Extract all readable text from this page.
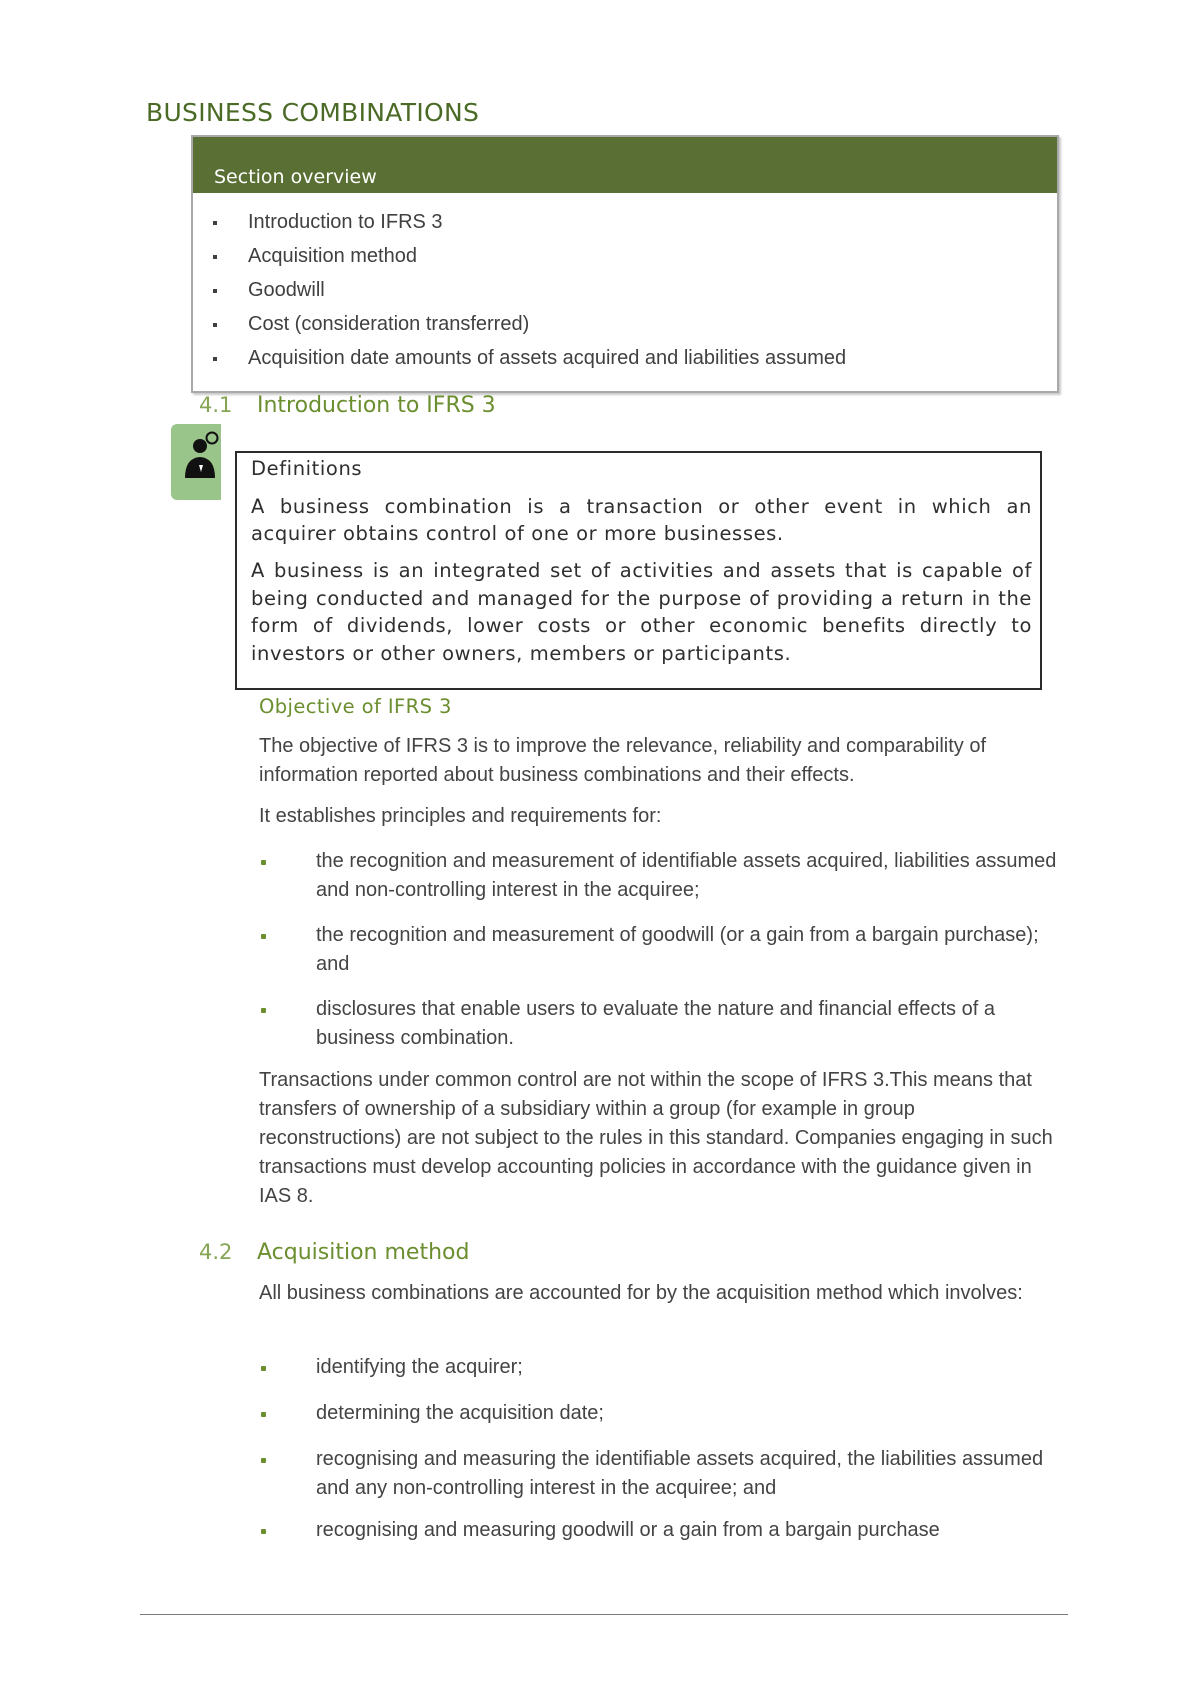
BUSINESS COMBINATIONS
Section overview
Introduction to IFRS 3
Acquisition method
Goodwill
Cost (consideration transferred)
Acquisition date amounts of assets acquired and liabilities assumed
4.1 Introduction to IFRS 3
Definitions

A business combination is a transaction or other event in which an acquirer obtains control of one or more businesses.

A business is an integrated set of activities and assets that is capable of being conducted and managed for the purpose of providing a return in the form of dividends, lower costs or other economic benefits directly to investors or other owners, members or participants.

Objective of IFRS 3
The objective of IFRS 3 is to improve the relevance, reliability and comparability of information reported about business combinations and their effects.
It establishes principles and requirements for:
the recognition and measurement of identifiable assets acquired, liabilities assumed and non-controlling interest in the acquiree;
the recognition and measurement of goodwill (or a gain from a bargain purchase); and
disclosures that enable users to evaluate the nature and financial effects of a business combination.
Transactions under common control are not within the scope of IFRS 3.This means that transfers of ownership of a subsidiary within a group (for example in group reconstructions) are not subject to the rules in this standard. Companies engaging in such transactions must develop accounting policies in accordance with the guidance given in IAS 8.
4.2 Acquisition method
All business combinations are accounted for by the acquisition method which involves:
identifying the acquirer;
determining the acquisition date;
recognising and measuring the identifiable assets acquired, the liabilities assumed and any non-controlling interest in the acquiree; and
recognising and measuring goodwill or a gain from a bargain purchase
